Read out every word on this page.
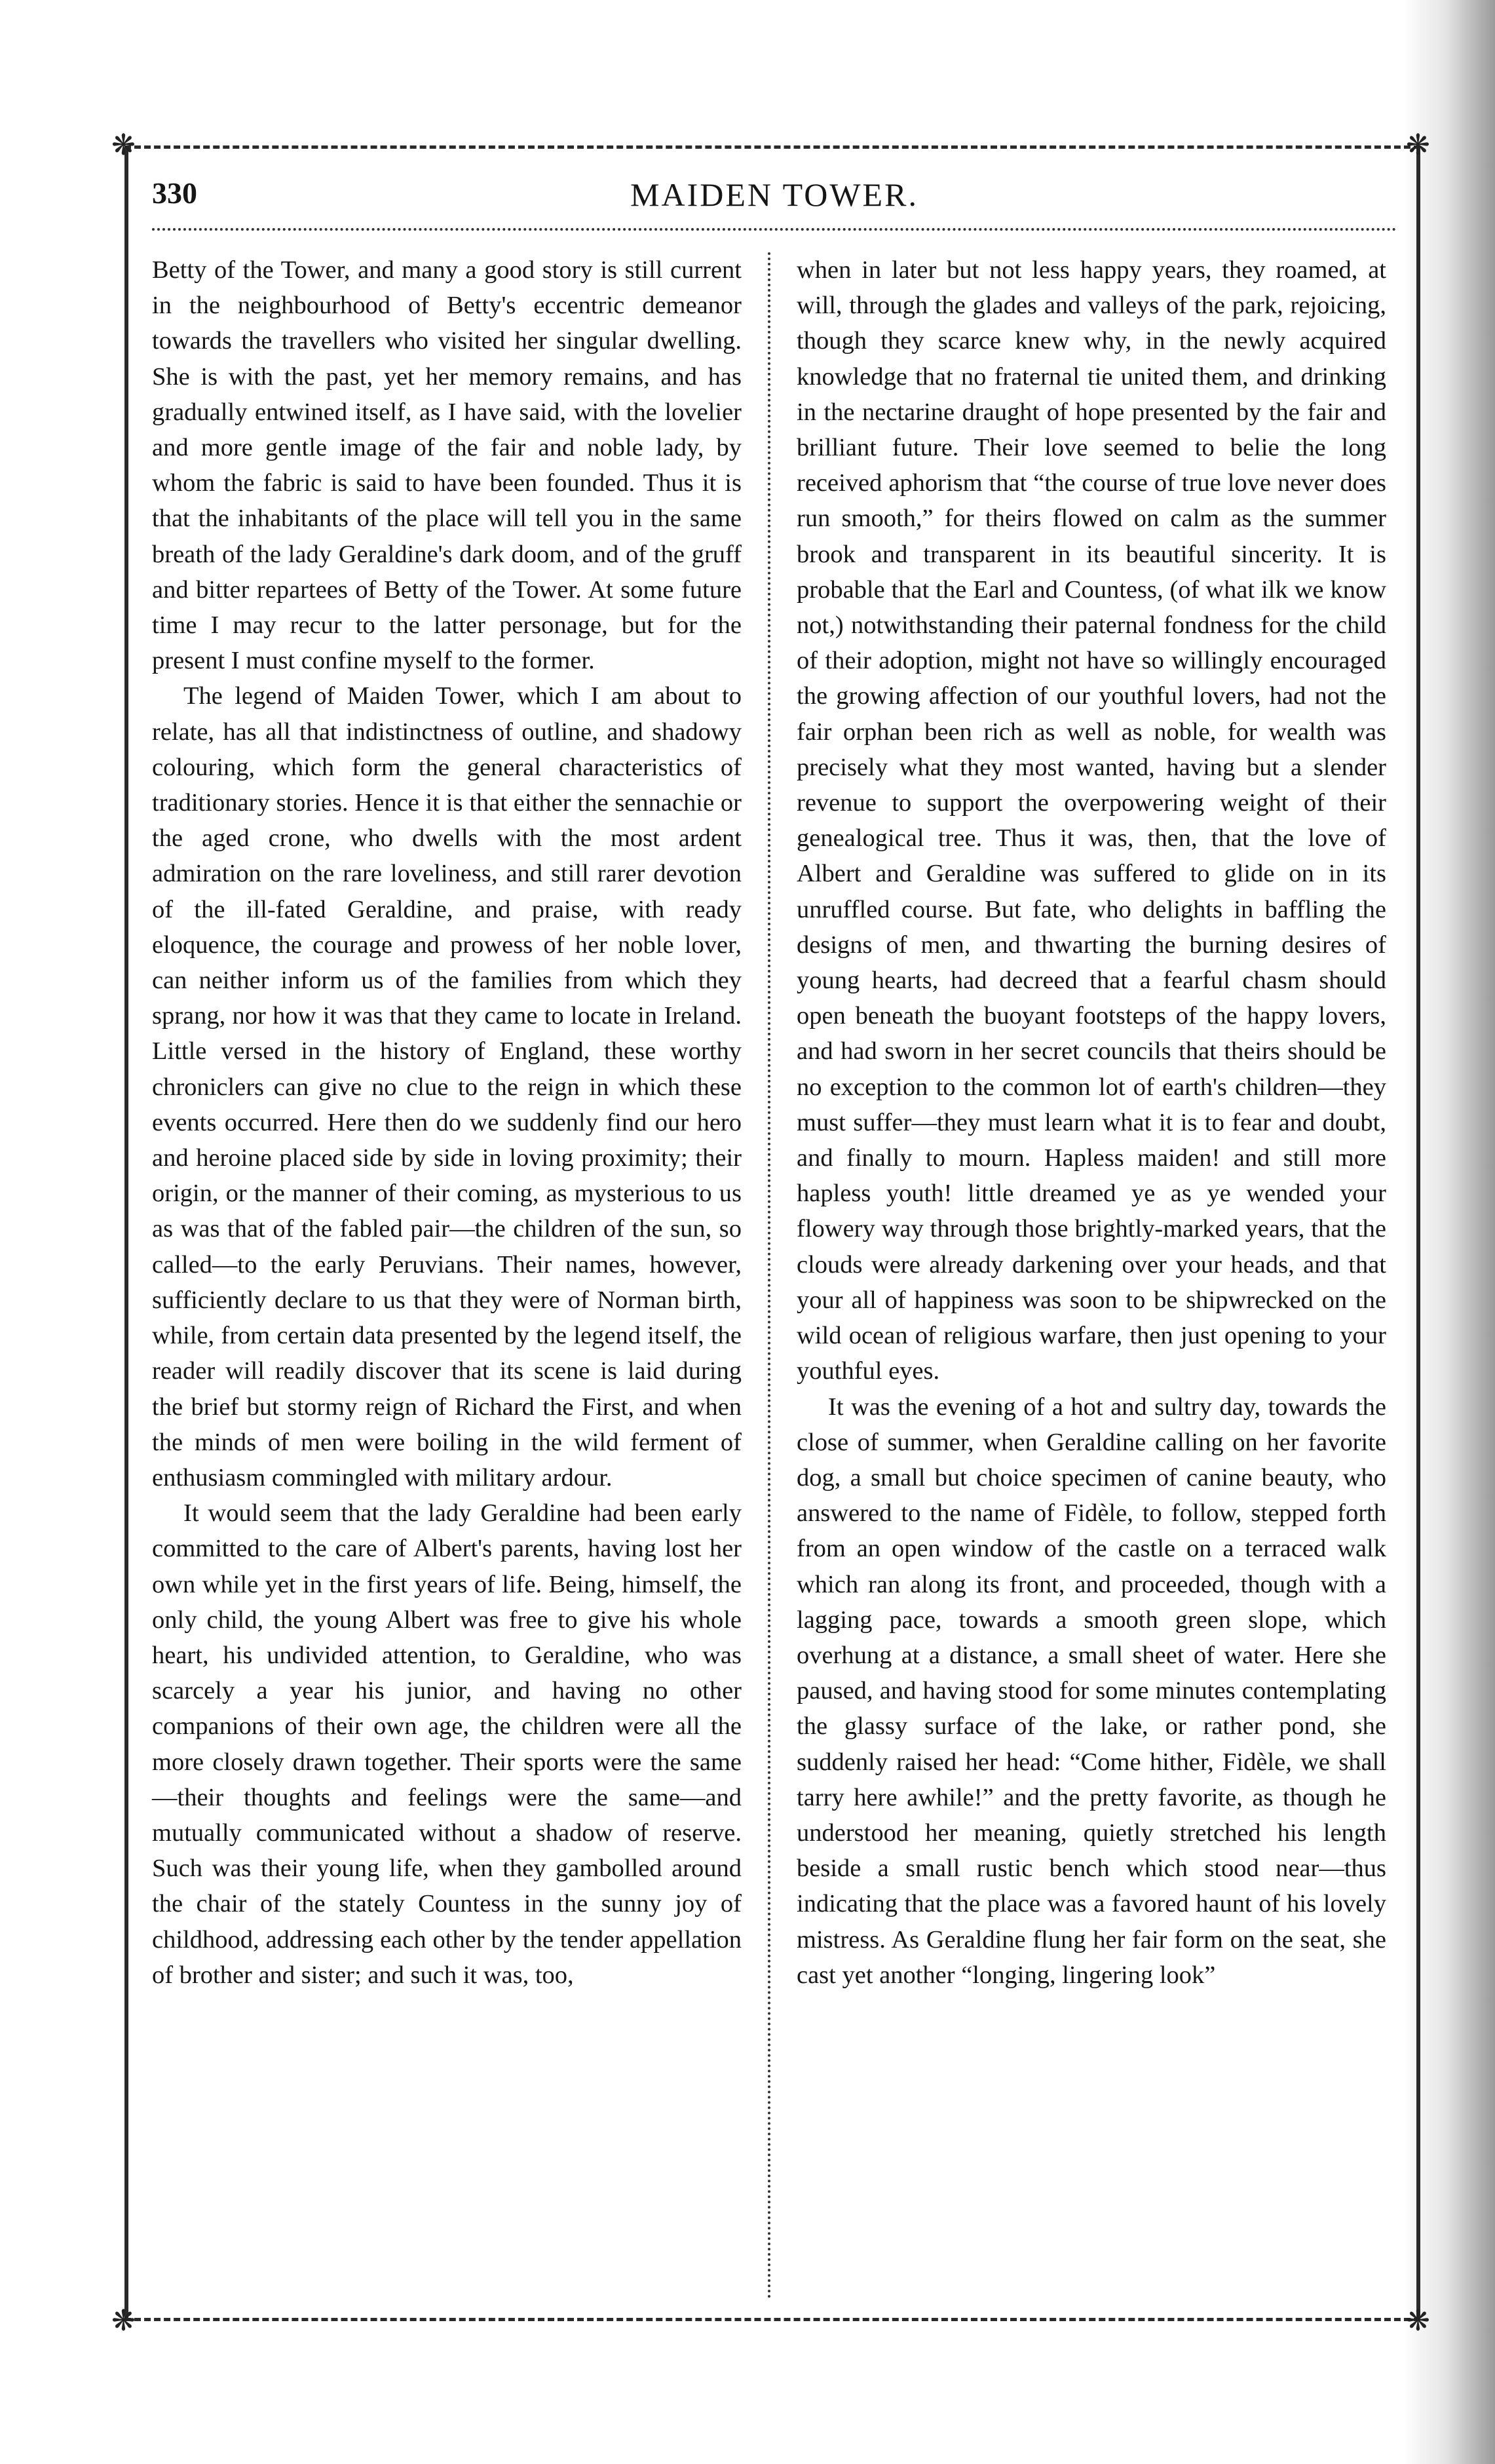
❋	❋
❋	❋
330	MAIDEN TOWER.

Betty of the Tower, and many a good story is still current in the neighbourhood of Betty's eccentric demeanor towards the travellers who visited her singular dwelling. She is with the past, yet her memory remains, and has gradually entwined itself, as I have said, with the lovelier and more gentle image of the fair and noble lady, by whom the fabric is said to have been founded. Thus it is that the inhabitants of the place will tell you in the same breath of the lady Geraldine's dark doom, and of the gruff and bitter repartees of Betty of the Tower. At some future time I may recur to the latter personage, but for the present I must confine myself to the former.

The legend of Maiden Tower, which I am about to relate, has all that indistinctness of outline, and shadowy colouring, which form the general characteristics of traditionary stories. Hence it is that either the sennachie or the aged crone, who dwells with the most ardent admiration on the rare loveliness, and still rarer devotion of the ill-fated Geraldine, and praise, with ready eloquence, the courage and prowess of her noble lover, can neither inform us of the families from which they sprang, nor how it was that they came to locate in Ireland. Little versed in the history of England, these worthy chroniclers can give no clue to the reign in which these events occurred. Here then do we suddenly find our hero and heroine placed side by side in loving proximity; their origin, or the manner of their coming, as mysterious to us as was that of the fabled pair—the children of the sun, so called—to the early Peruvians. Their names, however, sufficiently declare to us that they were of Norman birth, while, from certain data presented by the legend itself, the reader will readily discover that its scene is laid during the brief but stormy reign of Richard the First, and when the minds of men were boiling in the wild ferment of enthusiasm commingled with military ardour.

It would seem that the lady Geraldine had been early committed to the care of Albert's parents, having lost her own while yet in the first years of life. Being, himself, the only child, the young Albert was free to give his whole heart, his undivided attention, to Geraldine, who was scarcely a year his junior, and having no other companions of their own age, the children were all the more closely drawn together. Their sports were the same—their thoughts and feelings were the same—and mutually communicated without a shadow of reserve. Such was their young life, when they gambolled around the chair of the stately Countess in the sunny joy of childhood, addressing each other by the tender appellation of brother and sister; and such it was, too,

when in later but not less happy years, they roamed, at will, through the glades and valleys of the park, rejoicing, though they scarce knew why, in the newly acquired knowledge that no fraternal tie united them, and drinking in the nectarine draught of hope presented by the fair and brilliant future. Their love seemed to belie the long received aphorism that “the course of true love never does run smooth,” for theirs flowed on calm as the summer brook and transparent in its beautiful sincerity. It is probable that the Earl and Countess, (of what ilk we know not,) notwithstanding their paternal fondness for the child of their adoption, might not have so willingly encouraged the growing affection of our youthful lovers, had not the fair orphan been rich as well as noble, for wealth was precisely what they most wanted, having but a slender revenue to support the overpowering weight of their genealogical tree. Thus it was, then, that the love of Albert and Geraldine was suffered to glide on in its unruffled course. But fate, who delights in baffling the designs of men, and thwarting the burning desires of young hearts, had decreed that a fearful chasm should open beneath the buoyant footsteps of the happy lovers, and had sworn in her secret councils that theirs should be no exception to the common lot of earth's children—they must suffer—they must learn what it is to fear and doubt, and finally to mourn. Hapless maiden! and still more hapless youth! little dreamed ye as ye wended your flowery way through those brightly-marked years, that the clouds were already darkening over your heads, and that your all of happiness was soon to be shipwrecked on the wild ocean of religious warfare, then just opening to your youthful eyes.

It was the evening of a hot and sultry day, towards the close of summer, when Geraldine calling on her favorite dog, a small but choice specimen of canine beauty, who answered to the name of Fidèle, to follow, stepped forth from an open window of the castle on a terraced walk which ran along its front, and proceeded, though with a lagging pace, towards a smooth green slope, which overhung at a distance, a small sheet of water. Here she paused, and having stood for some minutes contemplating the glassy surface of the lake, or rather pond, she suddenly raised her head: “Come hither, Fidèle, we shall tarry here awhile!” and the pretty favorite, as though he understood her meaning, quietly stretched his length beside a small rustic bench which stood near—thus indicating that the place was a favored haunt of his lovely mistress. As Geraldine flung her fair form on the seat, she cast yet another “longing, lingering look”
